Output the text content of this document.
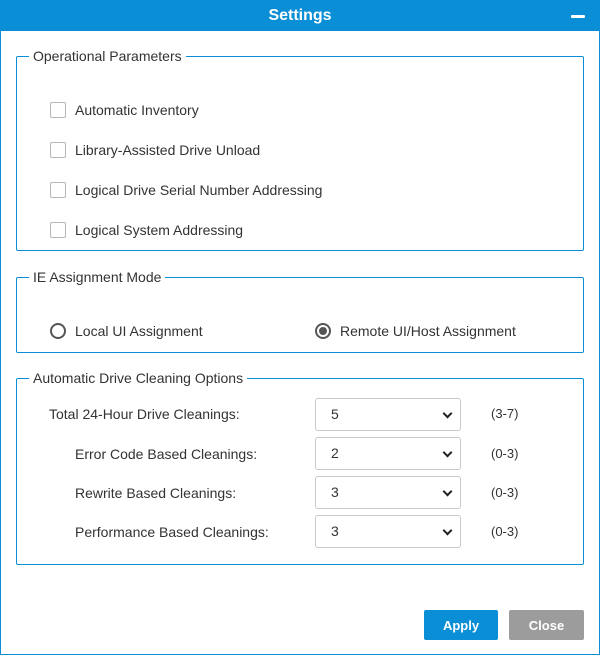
Settings
Operational Parameters
Automatic Inventory
Library-Assisted Drive Unload
Logical Drive Serial Number Addressing
Logical System Addressing
IE Assignment Mode
Local UI Assignment	Remote UI/Host Assignment
Automatic Drive Cleaning Options
Total 24-Hour Drive Cleanings:	5	(3-7)
Error Code Based Cleanings:	2	(0-3)
Rewrite Based Cleanings:	3	(0-3)
Performance Based Cleanings:	3	(0-3)
Apply	Close
